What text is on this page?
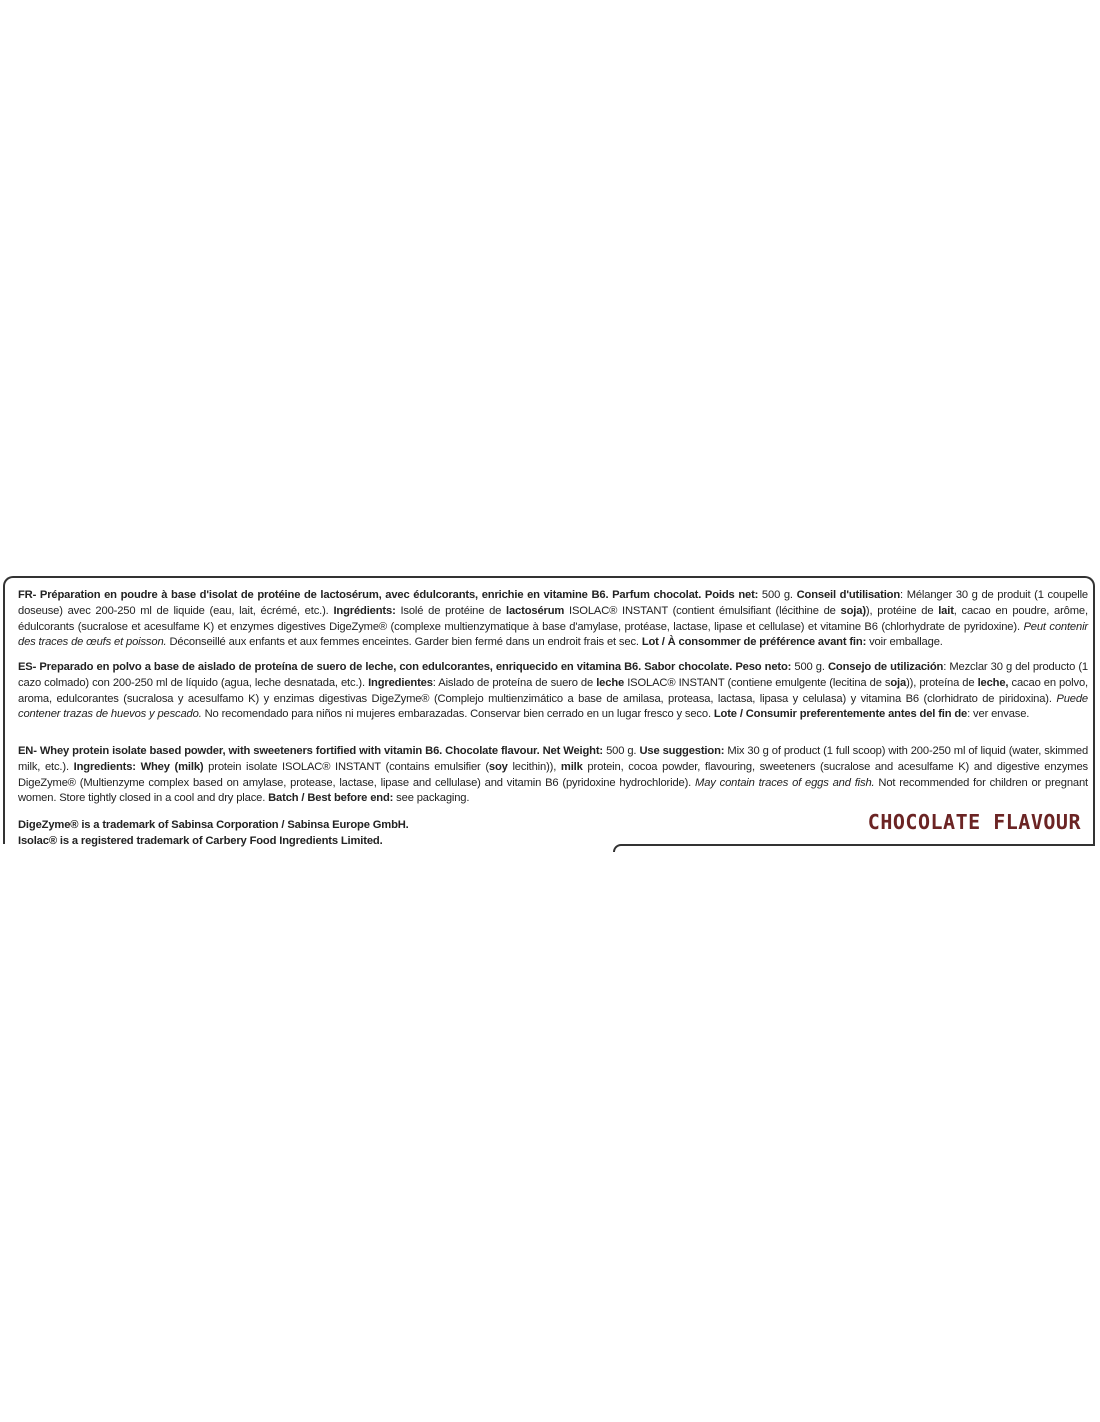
FR- Préparation en poudre à base d'isolat de protéine de lactosérum, avec édulcorants, enrichie en vitamine B6. Parfum chocolat. Poids net: 500 g. Conseil d'utilisation: Mélanger 30 g de produit (1 coupelle doseuse) avec 200-250 ml de liquide (eau, lait, écrémé, etc.). Ingrédients: Isolé de protéine de lactosérum ISOLAC® INSTANT (contient émulsifiant (lécithine de soja)), protéine de lait, cacao en poudre, arôme, édulcorants (sucralose et acesulfame K) et enzymes digestives DigeZyme® (complexe multienzymatique à base d'amylase, protéase, lactase, lipase et cellulase) et vitamine B6 (chlorhydrate de pyridoxine). Peut contenir des traces de œufs et poisson. Déconseillé aux enfants et aux femmes enceintes. Garder bien fermé dans un endroit frais et sec. Lot / À consommer de préférence avant fin: voir emballage.

ES- Preparado en polvo a base de aislado de proteína de suero de leche, con edulcorantes, enriquecido en vitamina B6. Sabor chocolate. Peso neto: 500 g. Consejo de utilización: Mezclar 30 g del producto (1 cazo colmado) con 200-250 ml de líquido (agua, leche desnatada, etc.). Ingredientes: Aislado de proteína de suero de leche ISOLAC® INSTANT (contiene emulgente (lecitina de soja)), proteína de leche, cacao en polvo, aroma, edulcorantes (sucralosa y acesulfamo K) y enzimas digestivas DigeZyme® (Complejo multienzimático a base de amilasa, proteasa, lactasa, lipasa y celulasa) y vitamina B6 (clorhidrato de piridoxina). Puede contener trazas de huevos y pescado. No recomendado para niños ni mujeres embarazadas. Conservar bien cerrado en un lugar fresco y seco. Lote / Consumir preferentemente antes del fin de: ver envase.

EN- Whey protein isolate based powder, with sweeteners fortified with vitamin B6. Chocolate flavour. Net Weight: 500 g. Use suggestion: Mix 30 g of product (1 full scoop) with 200-250 ml of liquid (water, skimmed milk, etc.). Ingredients: Whey (milk) protein isolate ISOLAC® INSTANT (contains emulsifier (soy lecithin)), milk protein, cocoa powder, flavouring, sweeteners (sucralose and acesulfame K) and digestive enzymes DigeZyme® (Multienzyme complex based on amylase, protease, lactase, lipase and cellulase) and vitamin B6 (pyridoxine hydrochloride). May contain traces of eggs and fish. Not recommended for children or pregnant women. Store tightly closed in a cool and dry place. Batch / Best before end: see packaging.

DigeZyme® is a trademark of Sabinsa Corporation / Sabinsa Europe GmbH.
Isolac® is a registered trademark of Carbery Food Ingredients Limited.
CHOCOLATE FLAVOUR
